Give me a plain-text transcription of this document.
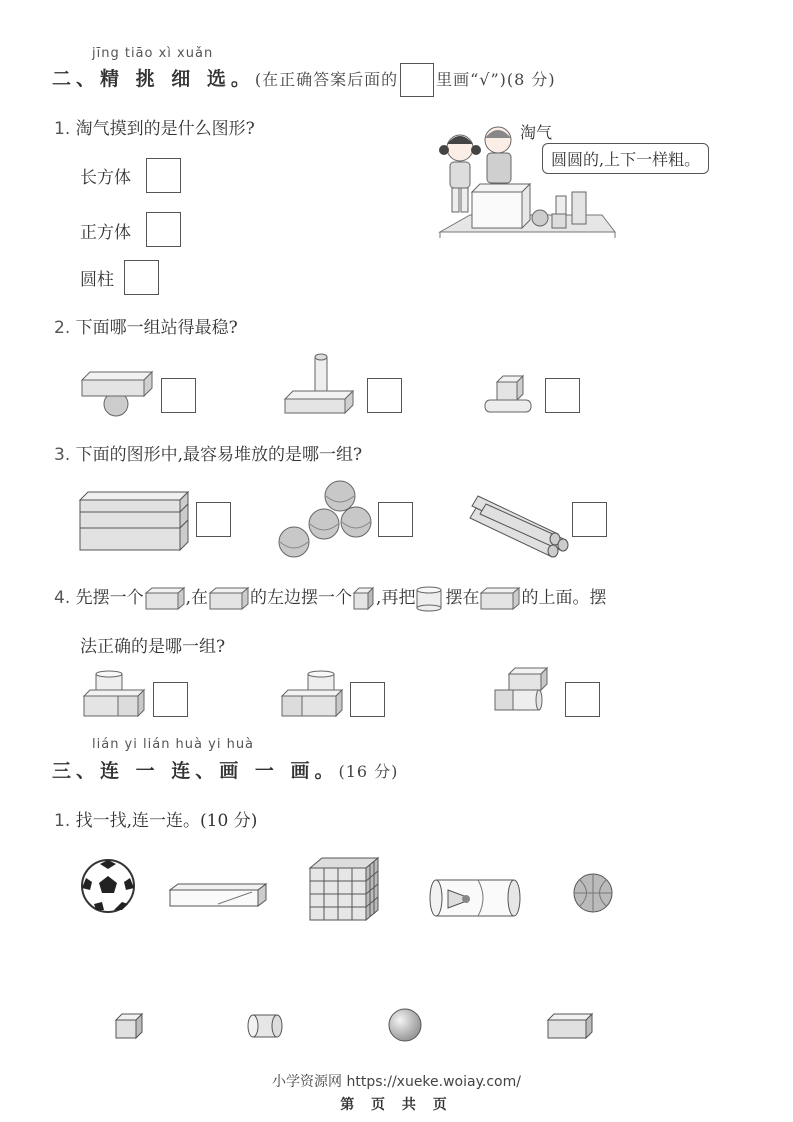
jīng tiāo xì xuǎn
二、精 挑 细 选。(在正确答案后面的 里画“√”)(8 分)
1. 淘气摸到的是什么图形?
长方体
正方体
圆柱
淘气
圆圆的,上下一样粗。
2. 下面哪一组站得最稳?
3. 下面的图形中,最容易堆放的是哪一组?
4. 先摆一个 ,在 的左边摆一个 ,再把 摆在 的上面。摆
法正确的是哪一组?
lián yi lián huà yi huà
三、连 一 连、画 一 画。(16 分)
1. 找一找,连一连。(10 分)
小学资源网 https://xueke.woiay.com/
第 页 共 页
